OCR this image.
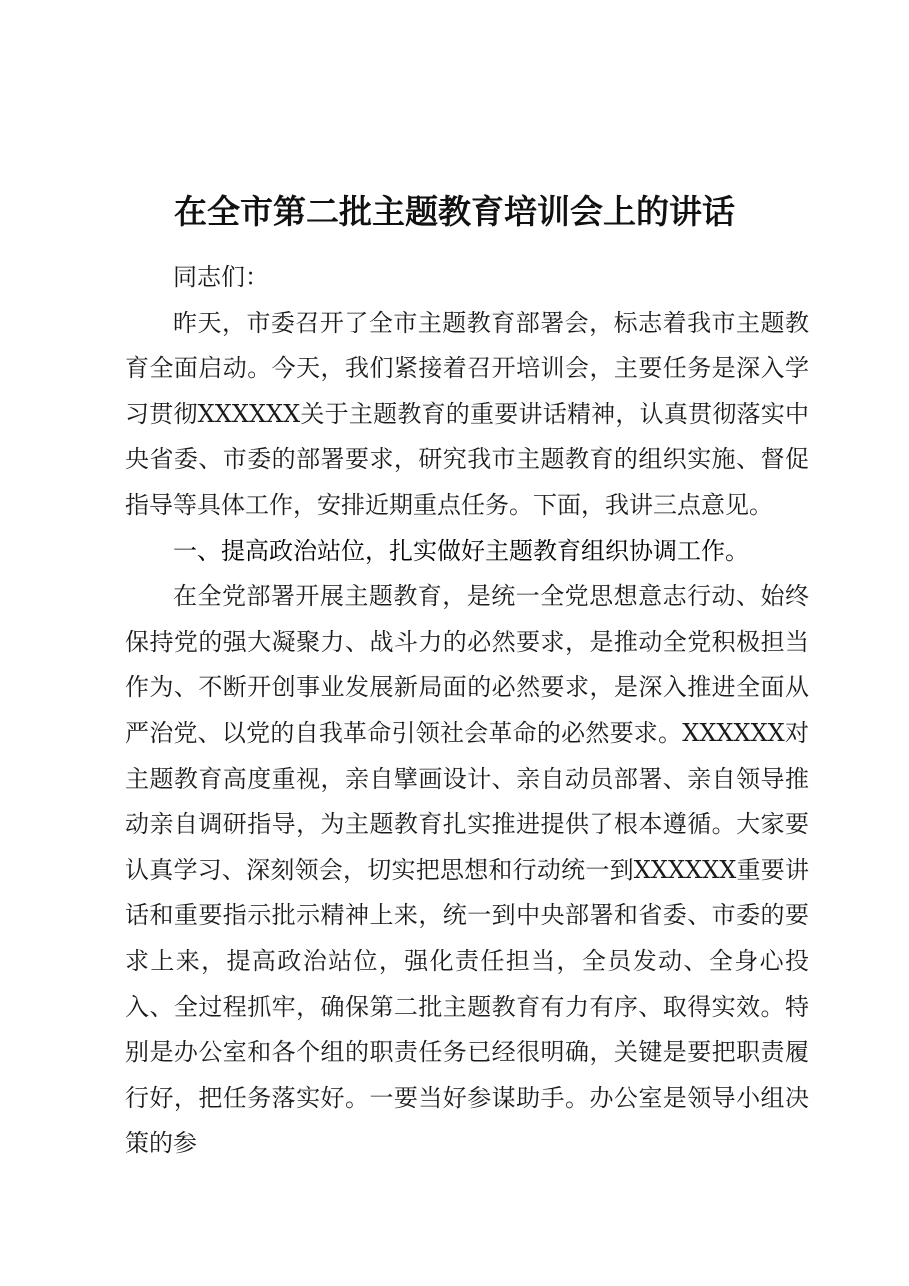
在全市第二批主题教育培训会上的讲话

同志们：

昨天，市委召开了全市主题教育部署会，标志着我市主题教育全面启动。今天，我们紧接着召开培训会，主要任务是深入学习贯彻XXXXXX关于主题教育的重要讲话精神，认真贯彻落实中央省委、市委的部署要求，研究我市主题教育的组织实施、督促指导等具体工作，安排近期重点任务。下面，我讲三点意见。

一、提高政治站位，扎实做好主题教育组织协调工作。

在全党部署开展主题教育，是统一全党思想意志行动、始终保持党的强大凝聚力、战斗力的必然要求，是推动全党积极担当作为、不断开创事业发展新局面的必然要求，是深入推进全面从严治党、以党的自我革命引领社会革命的必然要求。XXXXXX对主题教育高度重视，亲自擘画设计、亲自动员部署、亲自领导推动亲自调研指导，为主题教育扎实推进提供了根本遵循。大家要认真学习、深刻领会，切实把思想和行动统一到XXXXXX重要讲话和重要指示批示精神上来，统一到中央部署和省委、市委的要求上来，提高政治站位，强化责任担当，全员发动、全身心投入、全过程抓牢，确保第二批主题教育有力有序、取得实效。特别是办公室和各个组的职责任务已经很明确，关键是要把职责履行好，把任务落实好。一要当好参谋助手。办公室是领导小组决策的参
